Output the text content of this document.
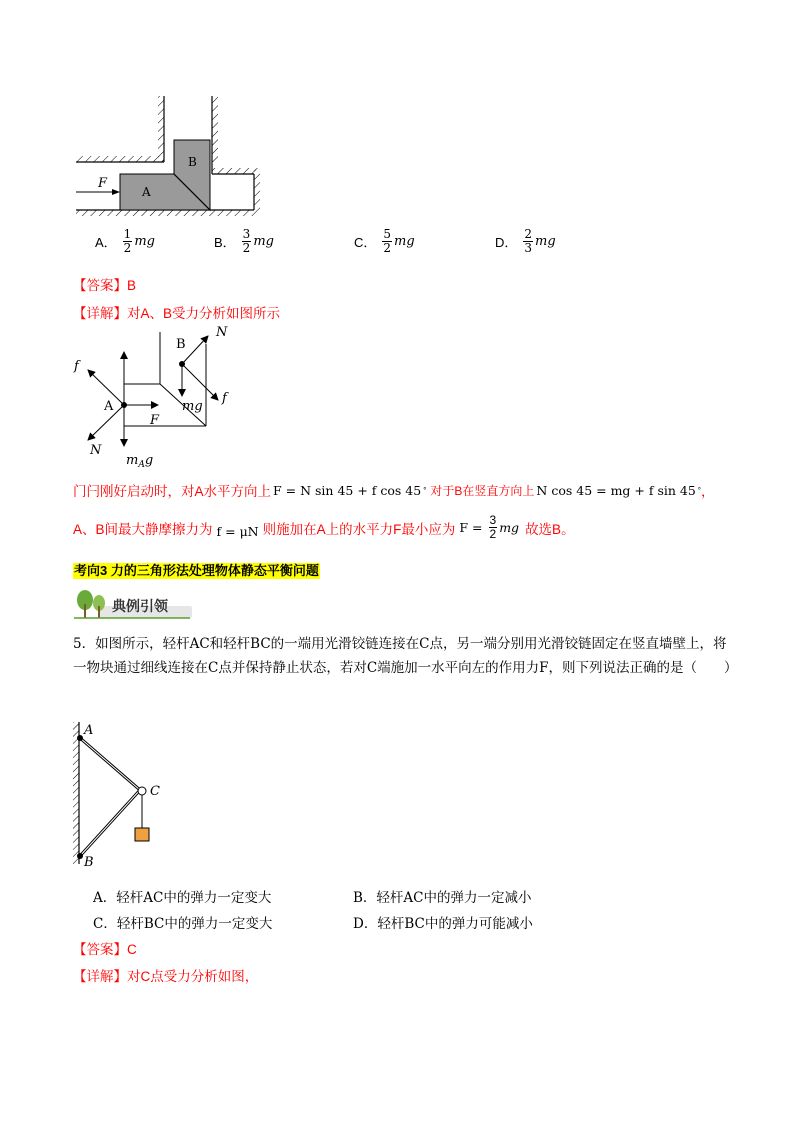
F
A
B
A． $\frac{1}{2}$ mg	B． $\frac{3}{2}$ mg	C． $\frac{5}{2}$ mg	D． $\frac{2}{3}$ mg
【答案】B
【详解】对A、B受力分析如图所示
N
B
f
A	mg
f
F
N
$m_Ag$
门闩刚好启动时，对A水平方向上 F = N sin 45 + f cos 45 ° 对于B在竖直方向上 N cos 45 = mg + f sin 45 ° ，
A、B间最大静摩擦力为 f = μN 则施加在A上的水平力F最小应为 $F = \frac{3}{2}$ mg 故选B。
考向3 力的三角形法处理物体静态平衡问题
典例引领
5．如图所示，轻杆AC和轻杆BC的一端用光滑铰链连接在C点，另一端分别用光滑铰链固定在竖直墙壁上，将一物块通过细线连接在C点并保持静止状态，若对C端施加一水平向左的作用力F，则下列说法正确的是（　　）
A
C
B
A．轻杆AC中的弹力一定变大	B．轻杆AC中的弹力一定减小
C．轻杆BC中的弹力一定变大	D．轻杆BC中的弹力可能减小
【答案】C
【详解】对C点受力分析如图，
